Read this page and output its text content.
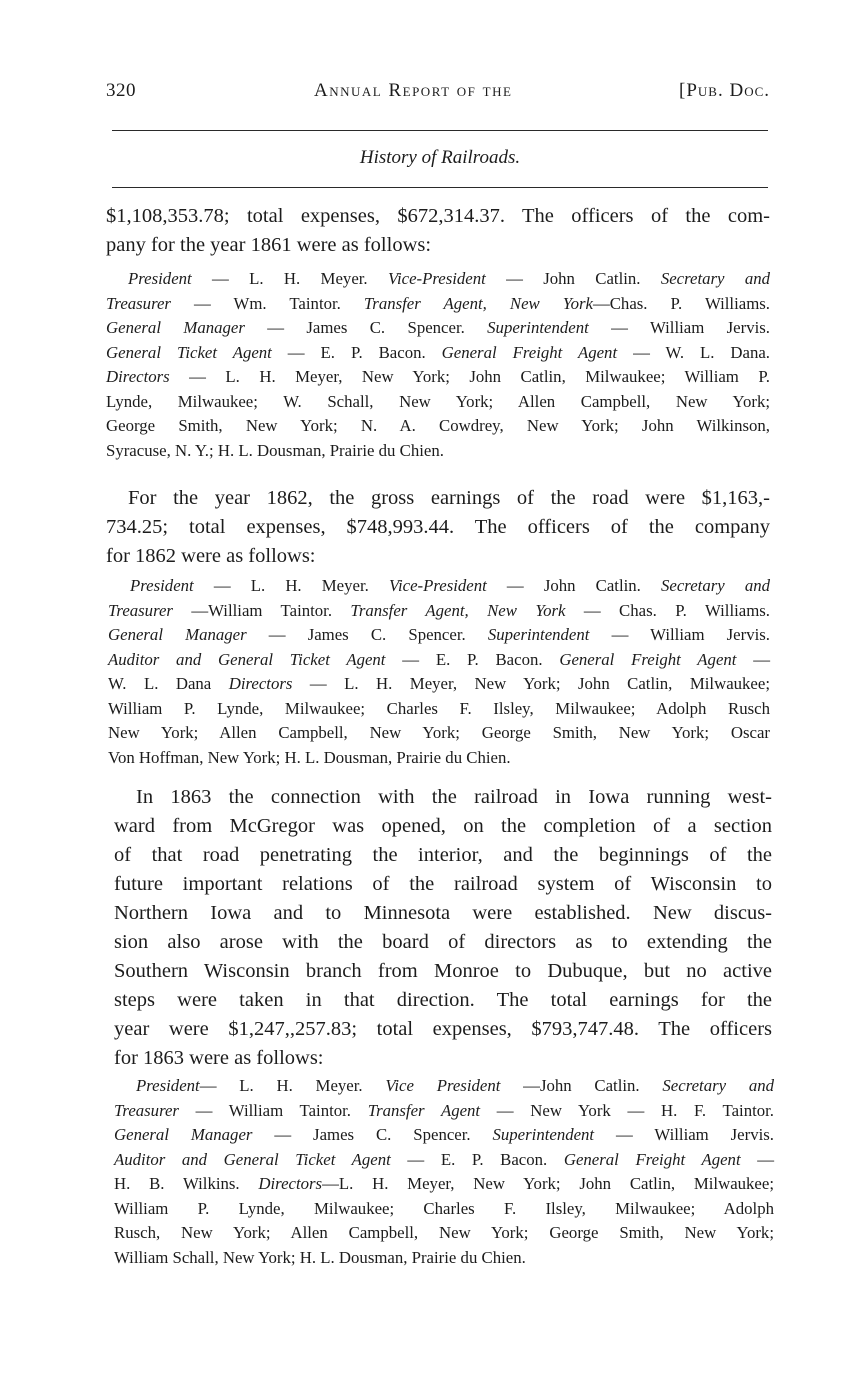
320	Annual Report of the	[Pub. Doc.
History of Railroads.
$1,108,353.78; total expenses, $672,314.37. The officers of the com-
pany for the year 1861 were as follows:
President — L. H. Meyer. Vice-President — John Catlin. Secretary and
Treasurer — Wm. Taintor. Transfer Agent, New York—Chas. P. Williams.
General Manager — James C. Spencer. Superintendent — William Jervis.
General Ticket Agent — E. P. Bacon. General Freight Agent — W. L. Dana.
Directors — L. H. Meyer, New York; John Catlin, Milwaukee; William P.
Lynde, Milwaukee; W. Schall, New York; Allen Campbell, New York;
George Smith, New York; N. A. Cowdrey, New York; John Wilkinson,
Syracuse, N. Y.; H. L. Dousman, Prairie du Chien.
For the year 1862, the gross earnings of the road were $1,163,-
734.25; total expenses, $748,993.44. The officers of the company
for 1862 were as follows:
President — L. H. Meyer. Vice-President — John Catlin. Secretary and
Treasurer —William Taintor. Transfer Agent, New York — Chas. P. Williams.
General Manager — James C. Spencer. Superintendent — William Jervis.
Auditor and General Ticket Agent — E. P. Bacon. General Freight Agent —
W. L. Dana Directors — L. H. Meyer, New York; John Catlin, Milwaukee;
William P. Lynde, Milwaukee; Charles F. Ilsley, Milwaukee; Adolph Rusch
New York; Allen Campbell, New York; George Smith, New York; Oscar
Von Hoffman, New York; H. L. Dousman, Prairie du Chien.
In 1863 the connection with the railroad in Iowa running west-
ward from McGregor was opened, on the completion of a section
of that road penetrating the interior, and the beginnings of the
future important relations of the railroad system of Wisconsin to
Northern Iowa and to Minnesota were established. New discus-
sion also arose with the board of directors as to extending the
Southern Wisconsin branch from Monroe to Dubuque, but no active
steps were taken in that direction. The total earnings for the
year were $1,247,,257.83; total expenses, $793,747.48. The officers
for 1863 were as follows:
President— L. H. Meyer. Vice President —John Catlin. Secretary and
Treasurer — William Taintor. Transfer Agent — New York — H. F. Taintor.
General Manager — James C. Spencer. Superintendent — William Jervis.
Auditor and General Ticket Agent — E. P. Bacon. General Freight Agent —
H. B. Wilkins. Directors—L. H. Meyer, New York; John Catlin, Milwaukee;
William P. Lynde, Milwaukee; Charles F. Ilsley, Milwaukee; Adolph
Rusch, New York; Allen Campbell, New York; George Smith, New York;
William Schall, New York; H. L. Dousman, Prairie du Chien.
